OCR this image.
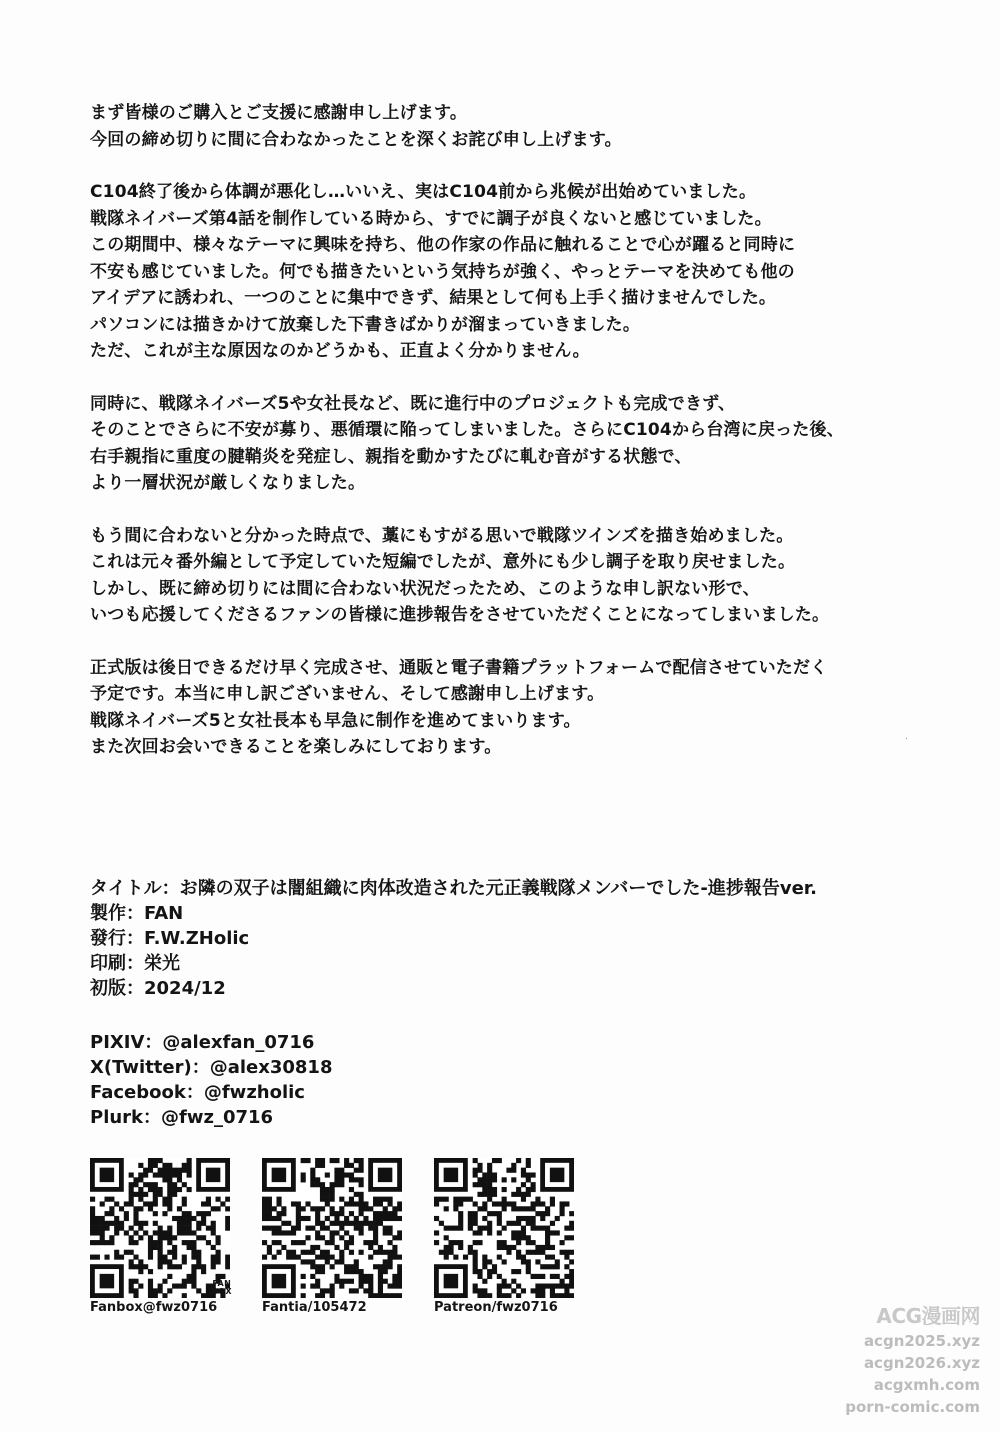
まず皆様のご購入とご支援に感謝申し上げます。
今回の締め切りに間に合わなかったことを深くお詫び申し上げます。
C104終了後から体調が悪化し…いいえ、実はC104前から兆候が出始めていました。
戦隊ネイバーズ第4話を制作している時から、すでに調子が良くないと感じていました。
この期間中、様々なテーマに興味を持ち、他の作家の作品に触れることで心が躍ると同時に
不安も感じていました。何でも描きたいという気持ちが強く、やっとテーマを決めても他の
アイデアに誘われ、一つのことに集中できず、結果として何も上手く描けませんでした。
パソコンには描きかけて放棄した下書きばかりが溜まっていきました。
ただ、これが主な原因なのかどうかも、正直よく分かりません。
同時に、戦隊ネイバーズ5や女社長など、既に進行中のプロジェクトも完成できず、
そのことでさらに不安が募り、悪循環に陥ってしまいました。さらにC104から台湾に戻った後、
右手親指に重度の腱鞘炎を発症し、親指を動かすたびに軋む音がする状態で、
より一層状況が厳しくなりました。
もう間に合わないと分かった時点で、藁にもすがる思いで戦隊ツインズを描き始めました。
これは元々番外編として予定していた短編でしたが、意外にも少し調子を取り戻せました。
しかし、既に締め切りには間に合わない状況だったため、このような申し訳ない形で、
いつも応援してくださるファンの皆様に進捗報告をさせていただくことになってしまいました。
正式版は後日できるだけ早く完成させ、通販と電子書籍プラットフォームで配信させていただく
予定です。本当に申し訳ございません、そして感謝申し上げます。
戦隊ネイバーズ5と女社長本も早急に制作を進めてまいります。
また次回お会いできることを楽しみにしております。	·
タイトル：お隣の双子は闇組織に肉体改造された元正義戦隊メンバーでした-進捗報告ver.
製作：FAN
發行：F.W.ZHolic
印刷：栄光
初版：2024/12
PIXIV：@alexfan_0716
X(Twitter)：@alex30818
Facebook：@fwzholic
Plurk：@fwz_0716
FAN
BOX
Fanbox@fwz0716	Fantia/105472	Patreon/fwz0716	ACG漫画网
acgn2025.xyz
acgn2026.xyz
acgxmh.com
porn-comic.com
